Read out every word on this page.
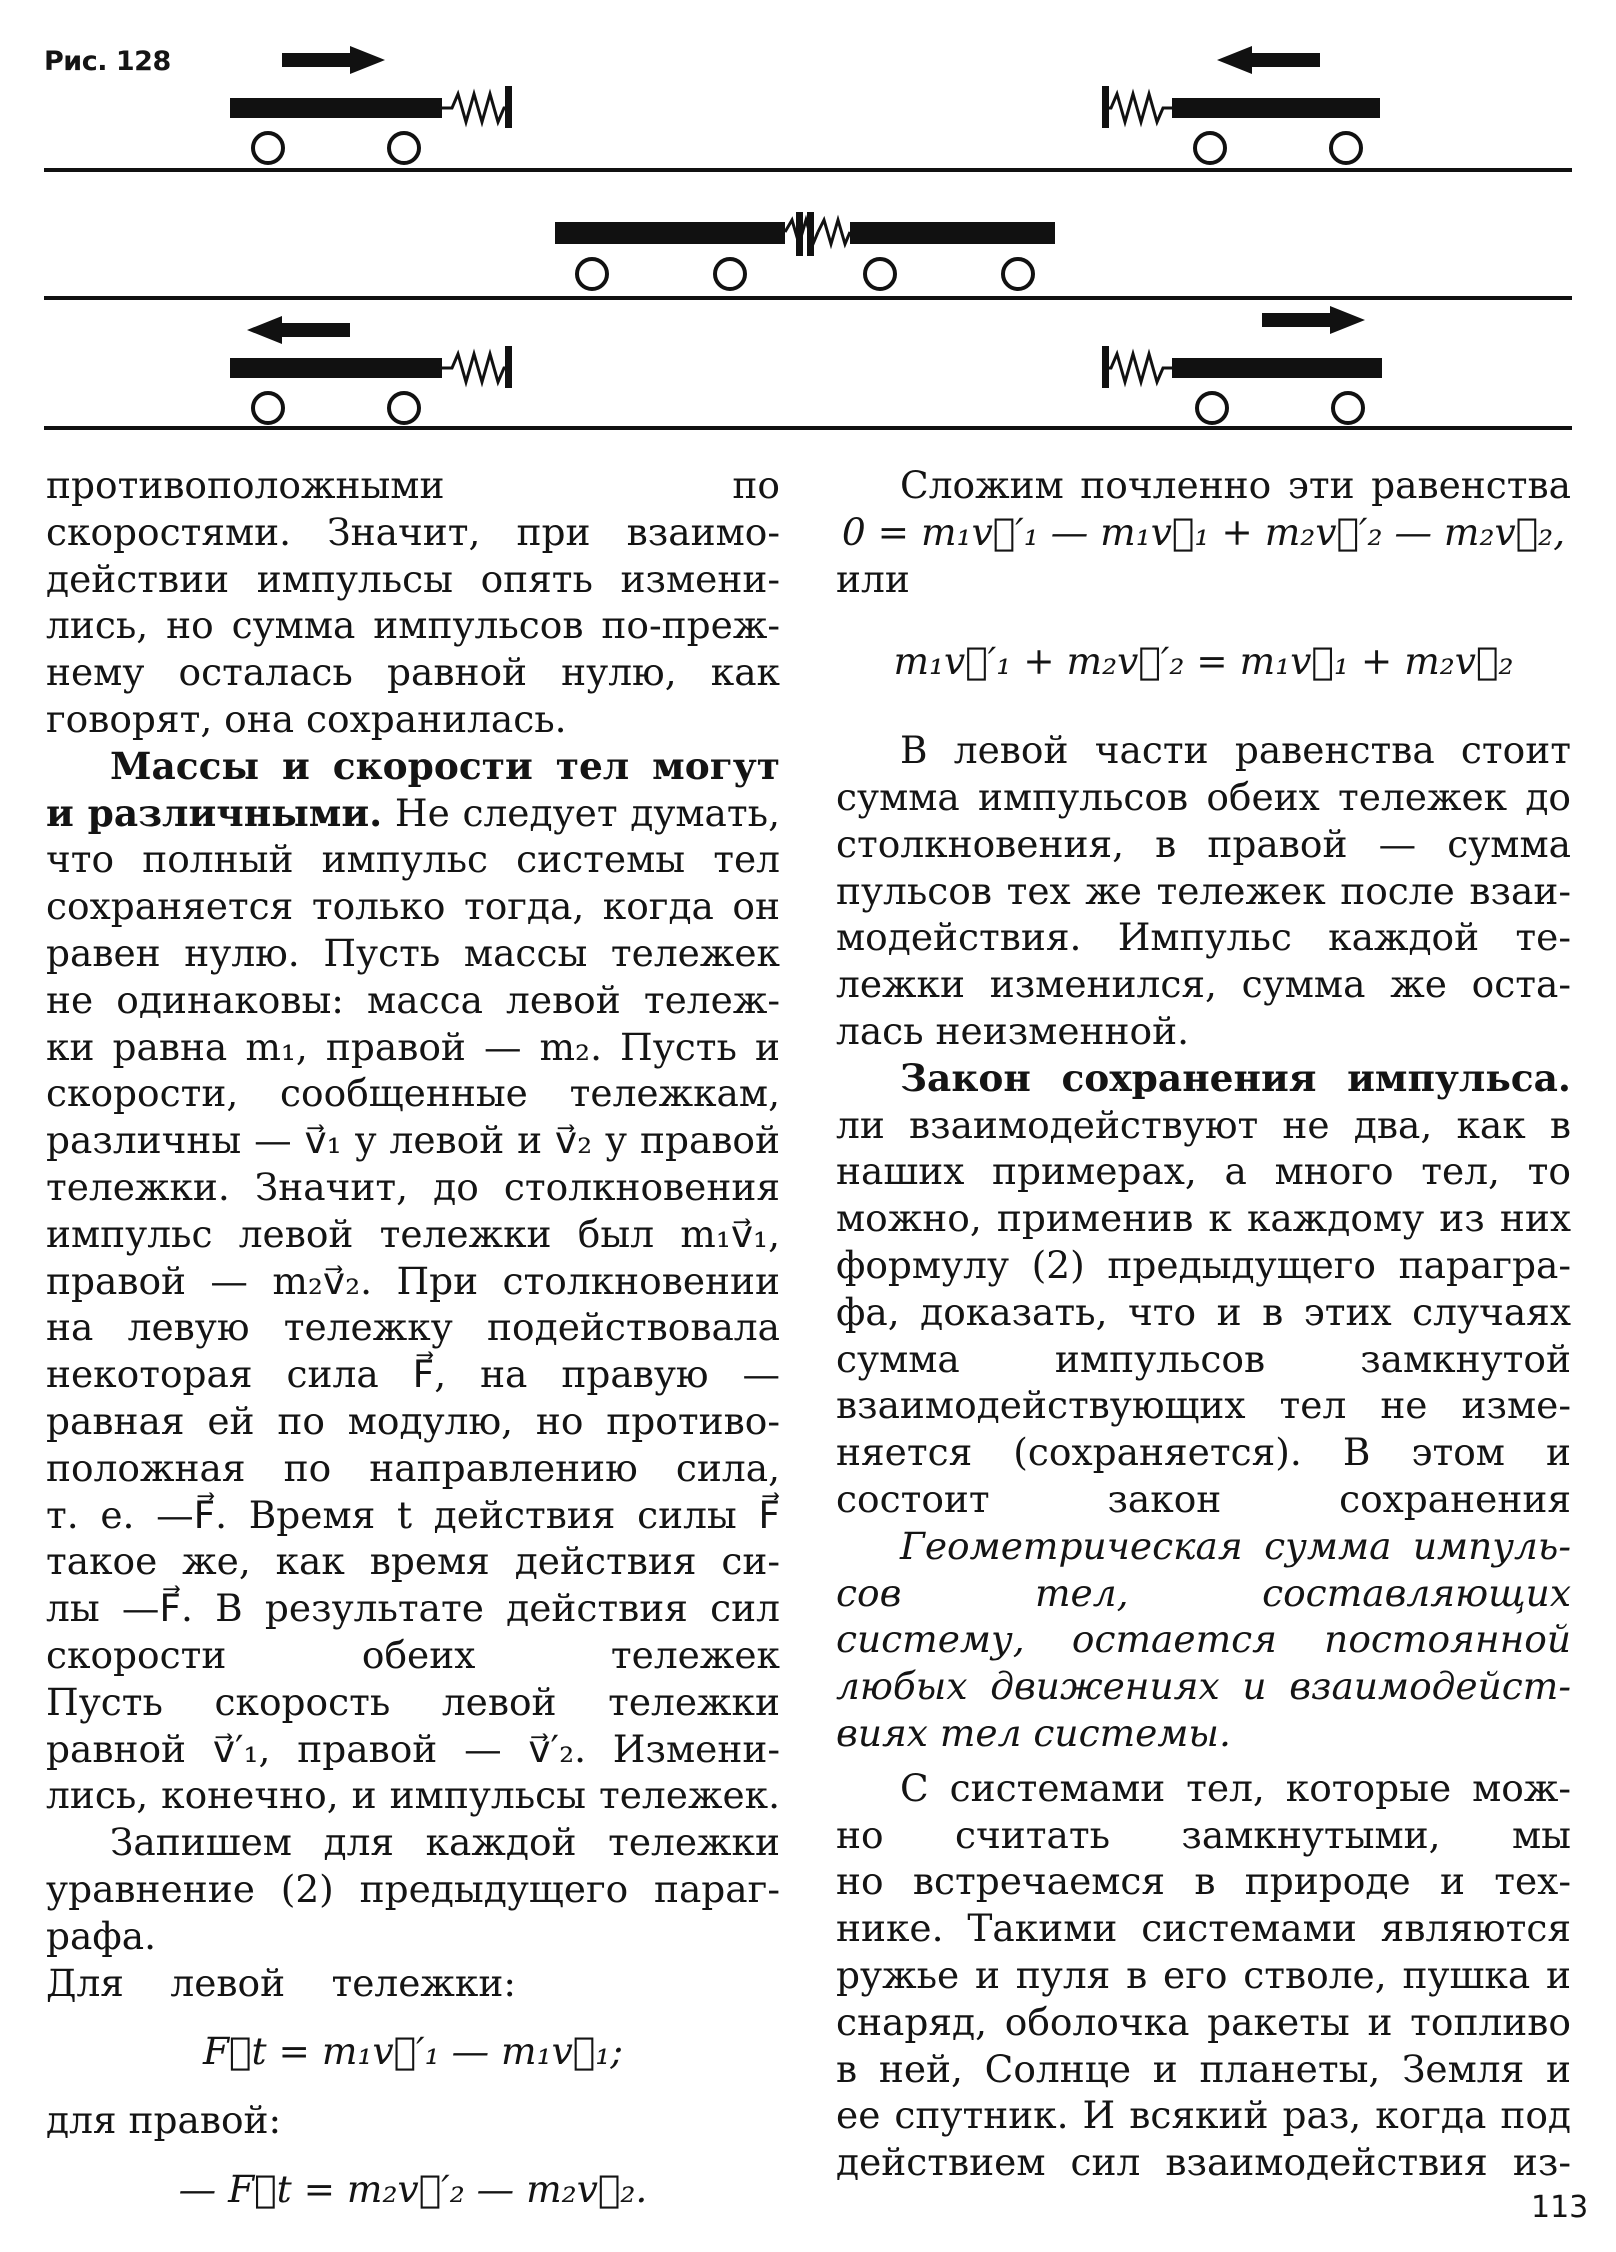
Рис. 128
противоположными по
скоростями. Значит, при взаимо-
действии импульсы опять измени-
лись, но сумма импульсов по-преж-
нему осталась равной нулю, как
говорят, она сохранилась.
Массы и скорости тел могут
и различными. Не следует думать,
что полный импульс системы тел
сохраняется только тогда, когда он
равен нулю. Пусть массы тележек
не одинаковы: масса левой тележ-
ки равна m₁, правой — m₂. Пусть и
скорости, сообщенные тележкам,
различны — v⃗₁ у левой и v⃗₂ у правой
тележки. Значит, до столкновения
импульс левой тележки был m₁v⃗₁,
правой — m₂v⃗₂. При столкновении
на левую тележку подействовала
некоторая сила F⃗, на правую —
равная ей по модулю, но противо-
положная по направлению сила,
т. е. —F⃗. Время t действия силы F⃗
такое же, как время действия си-
лы —F⃗. В результате действия сил
скорости обеих тележек
Пусть скорость левой тележки
равной v⃗′₁, правой — v⃗′₂. Измени-
лись, конечно, и импульсы тележек.
Запишем для каждой тележки
уравнение (2) предыдущего параг-
рафа.
Для левой тележки:
F⃗t = m₁v⃗′₁ — m₁v⃗₁;
для правой:
— F⃗t = m₂v⃗′₂ — m₂v⃗₂.
Сложим почленно эти равенства
0 = m₁v⃗′₁ — m₁v⃗₁ + m₂v⃗′₂ — m₂v⃗₂,
или
m₁v⃗′₁ + m₂v⃗′₂ = m₁v⃗₁ + m₂v⃗₂
В левой части равенства стоит
сумма импульсов обеих тележек до
столкновения, в правой — сумма
пульсов тех же тележек после взаи-
модействия. Импульс каждой те-
лежки изменился, сумма же оста-
лась неизменной.
Закон сохранения импульса.
ли взаимодействуют не два, как в
наших примерах, а много тел, то
можно, применив к каждому из них
формулу (2) предыдущего парагра-
фа, доказать, что и в этих случаях
сумма импульсов замкнутой
взаимодействующих тел не изме-
няется (сохраняется). В этом и
состоит закон сохранения
Геометрическая сумма импуль-
сов тел, составляющих
систему, остается постоянной
любых движениях и взаимодейст-
виях тел системы.
С системами тел, которые мож-
но считать замкнутыми, мы
но встречаемся в природе и тех-
нике. Такими системами являются
ружье и пуля в его стволе, пушка и
снаряд, оболочка ракеты и топливо
в ней, Солнце и планеты, Земля и
ее спутник. И всякий раз, когда под
действием сил взаимодействия из-
113
